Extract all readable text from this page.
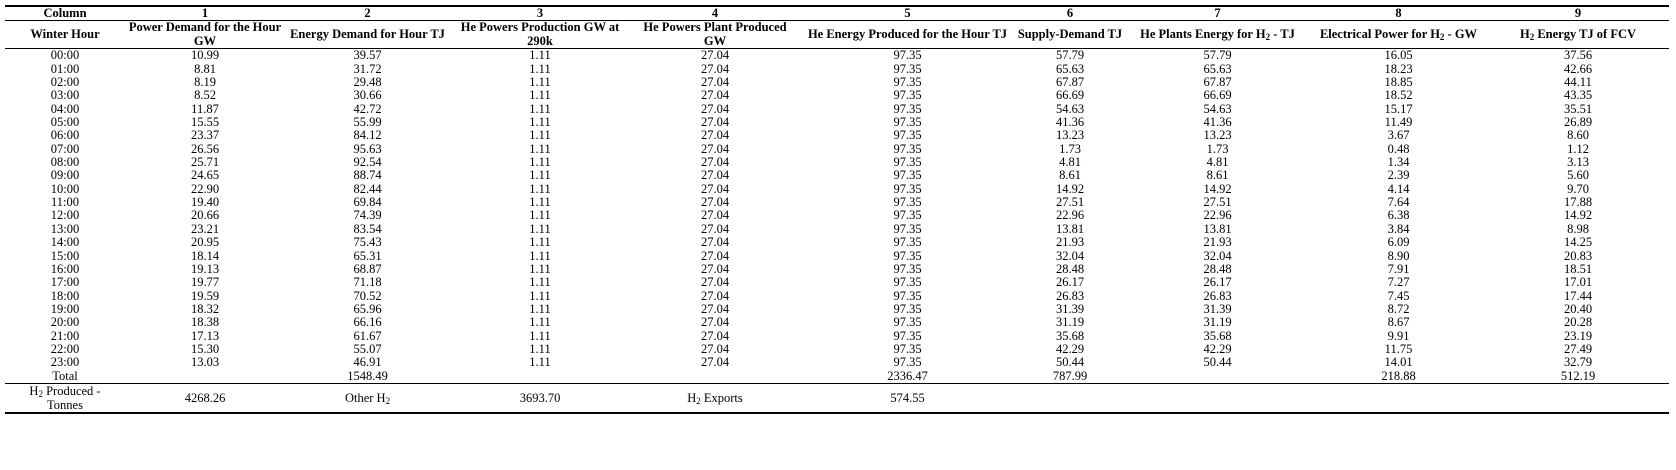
Column	1	2	3	4	5	6	7	8	9
Winter Hour	Power Demand for the Hour GW	Energy Demand for Hour TJ	He Powers Production GW at 290k	He Powers Plant Produced GW	He Energy Produced for the Hour TJ	Supply-Demand TJ	He Plants Energy for $H_2$ - TJ	Electrical Power for $H_2$ - GW	$H_2$ Energy TJ of FCV
00:00	10.99	39.57	1.11	27.04	97.35	57.79	57.79	16.05	37.56
01:00	8.81	31.72	1.11	27.04	97.35	65.63	65.63	18.23	42.66
02:00	8.19	29.48	1.11	27.04	97.35	67.87	67.87	18.85	44.11
03:00	8.52	30.66	1.11	27.04	97.35	66.69	66.69	18.52	43.35
04:00	11.87	42.72	1.11	27.04	97.35	54.63	54.63	15.17	35.51
05:00	15.55	55.99	1.11	27.04	97.35	41.36	41.36	11.49	26.89
06:00	23.37	84.12	1.11	27.04	97.35	13.23	13.23	3.67	8.60
07:00	26.56	95.63	1.11	27.04	97.35	1.73	1.73	0.48	1.12
08:00	25.71	92.54	1.11	27.04	97.35	4.81	4.81	1.34	3.13
09:00	24.65	88.74	1.11	27.04	97.35	8.61	8.61	2.39	5.60
10:00	22.90	82.44	1.11	27.04	97.35	14.92	14.92	4.14	9.70
11:00	19.40	69.84	1.11	27.04	97.35	27.51	27.51	7.64	17.88
12:00	20.66	74.39	1.11	27.04	97.35	22.96	22.96	6.38	14.92
13:00	23.21	83.54	1.11	27.04	97.35	13.81	13.81	3.84	8.98
14:00	20.95	75.43	1.11	27.04	97.35	21.93	21.93	6.09	14.25
15:00	18.14	65.31	1.11	27.04	97.35	32.04	32.04	8.90	20.83
16:00	19.13	68.87	1.11	27.04	97.35	28.48	28.48	7.91	18.51
17:00	19.77	71.18	1.11	27.04	97.35	26.17	26.17	7.27	17.01
18:00	19.59	70.52	1.11	27.04	97.35	26.83	26.83	7.45	17.44
19:00	18.32	65.96	1.11	27.04	97.35	31.39	31.39	8.72	20.40
20:00	18.38	66.16	1.11	27.04	97.35	31.19	31.19	8.67	20.28
21:00	17.13	61.67	1.11	27.04	97.35	35.68	35.68	9.91	23.19
22:00	15.30	55.07	1.11	27.04	97.35	42.29	42.29	11.75	27.49
23:00	13.03	46.91	1.11	27.04	97.35	50.44	50.44	14.01	32.79
Total		1548.49			2336.47	787.99		218.88	512.19
$H_2$ Produced -
Tonnes	4268.26	Other $H_2$	3693.70	$H_2$ Exports	574.55				
